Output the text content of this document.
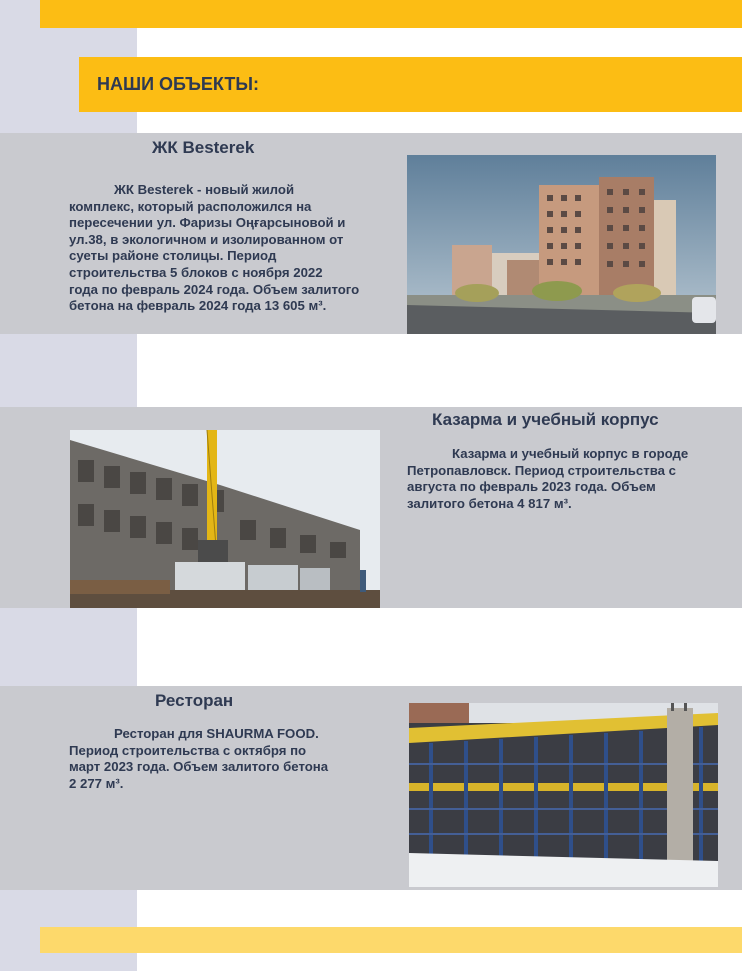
НАШИ ОБЪЕКТЫ:
ЖК Besterek
ЖК Besterek - новый жилой
комплекс, который расположился на
пересечении ул. Фаризы Оңғарсыновой и
ул.38, в экологичном и изолированном от
суеты районе столицы. Период
строительства 5 блоков с ноября 2022
года по февраль 2024 года. Объем залитого
бетона на февраль 2024 года 13 605 м³.
Казарма и учебный корпус
Казарма и учебный корпус в городе
Петропавловск. Период строительства с
августа по февраль 2023 года. Объем
залитого бетона 4 817 м³.
Ресторан
Ресторан для SHAURMA FOOD.
Период строительства с октября по
март 2023 года. Объем залитого бетона
2 277 м³.
